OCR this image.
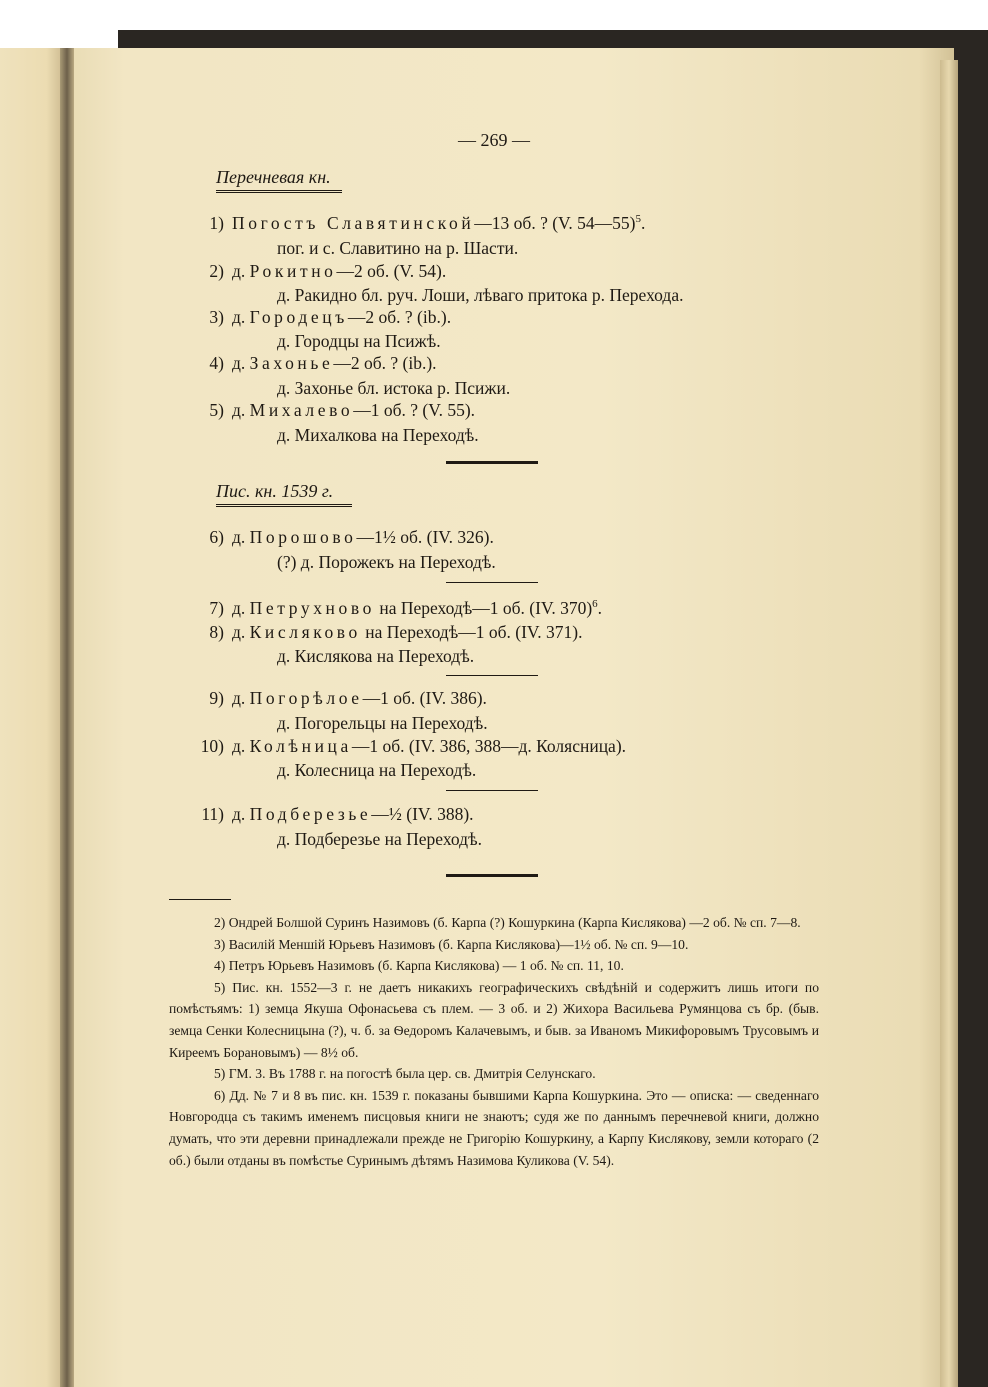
— 269 —
Перечневая кн.
1) Погостъ Славятинской—13 об. ? (V. 54—55)$^5$.
пог. и с. Славитино на р. Шасти.
2) д. Рокитно—2 об. (V. 54).
д. Ракидно бл. руч. Лоши, лѣваго притока р. Перехода.
3) д. Городецъ—2 об. ? (ib.).
д. Городцы на Псижѣ.
4) д. Захонье—2 об. ? (ib.).
д. Захонье бл. истока р. Псижи.
5) д. Михалево—1 об. ? (V. 55).
д. Михалкова на Переходѣ.
Пис. кн. 1539 г.
6) д. Порошово—1½ об. (IV. 326).
(?) д. Порожекъ на Переходѣ.
7) д. Петрухново на Переходѣ—1 об. (IV. 370)$^6$.
8) д. Кисляково на Переходѣ—1 об. (IV. 371).
д. Кислякова на Переходѣ.
9) д. Погорѣлое—1 об. (IV. 386).
д. Погорельцы на Переходѣ.
10) д. Колѣница—1 об. (IV. 386, 388—д. Колясница).
д. Колесница на Переходѣ.
11) д. Подберезье—½ (IV. 388).
д. Подберезье на Переходѣ.

2) Ондрей Болшой Суринъ Назимовъ (б. Карпа (?) Кошуркина (Карпа Кислякова) —2 об. № сп. 7—8.

3) Василій Меншій Юрьевъ Назимовъ (б. Карпа Кислякова)—1½ об. № сп. 9—10.

4) Петръ Юрьевъ Назимовъ (б. Карпа Кислякова) — 1 об. № сп. 11, 10.

5) Пис. кн. 1552—3 г. не даетъ никакихъ географическихъ свѣдѣній и содержитъ лишь итоги по помѣстьямъ: 1) земца Якуша Офонасьева съ плем. — 3 об. и 2) Жихора Васильева Румянцова съ бр. (быв. земца Сенки Колесницына (?), ч. б. за Ѳедоромъ Калачевымъ, и быв. за Иваномъ Микифоровымъ Трусовымъ и Киреемъ Борановымъ) — 8½ об.

5) ГМ. 3. Въ 1788 г. на погостѣ была цер. св. Дмитрія Селунскаго.

6) Дд. № 7 и 8 въ пис. кн. 1539 г. показаны бывшими Карпа Кошуркина. Это — описка: — сведеннаго Новгородца съ такимъ именемъ писцовыя книги не знаютъ; судя же по даннымъ перечневой книги, должно думать, что эти деревни принадлежали прежде не Григорію Кошуркину, а Карпу Кислякову, земли котораго (2 об.) были отданы въ помѣстье Суринымъ дѣтямъ Назимова Куликова (V. 54).
